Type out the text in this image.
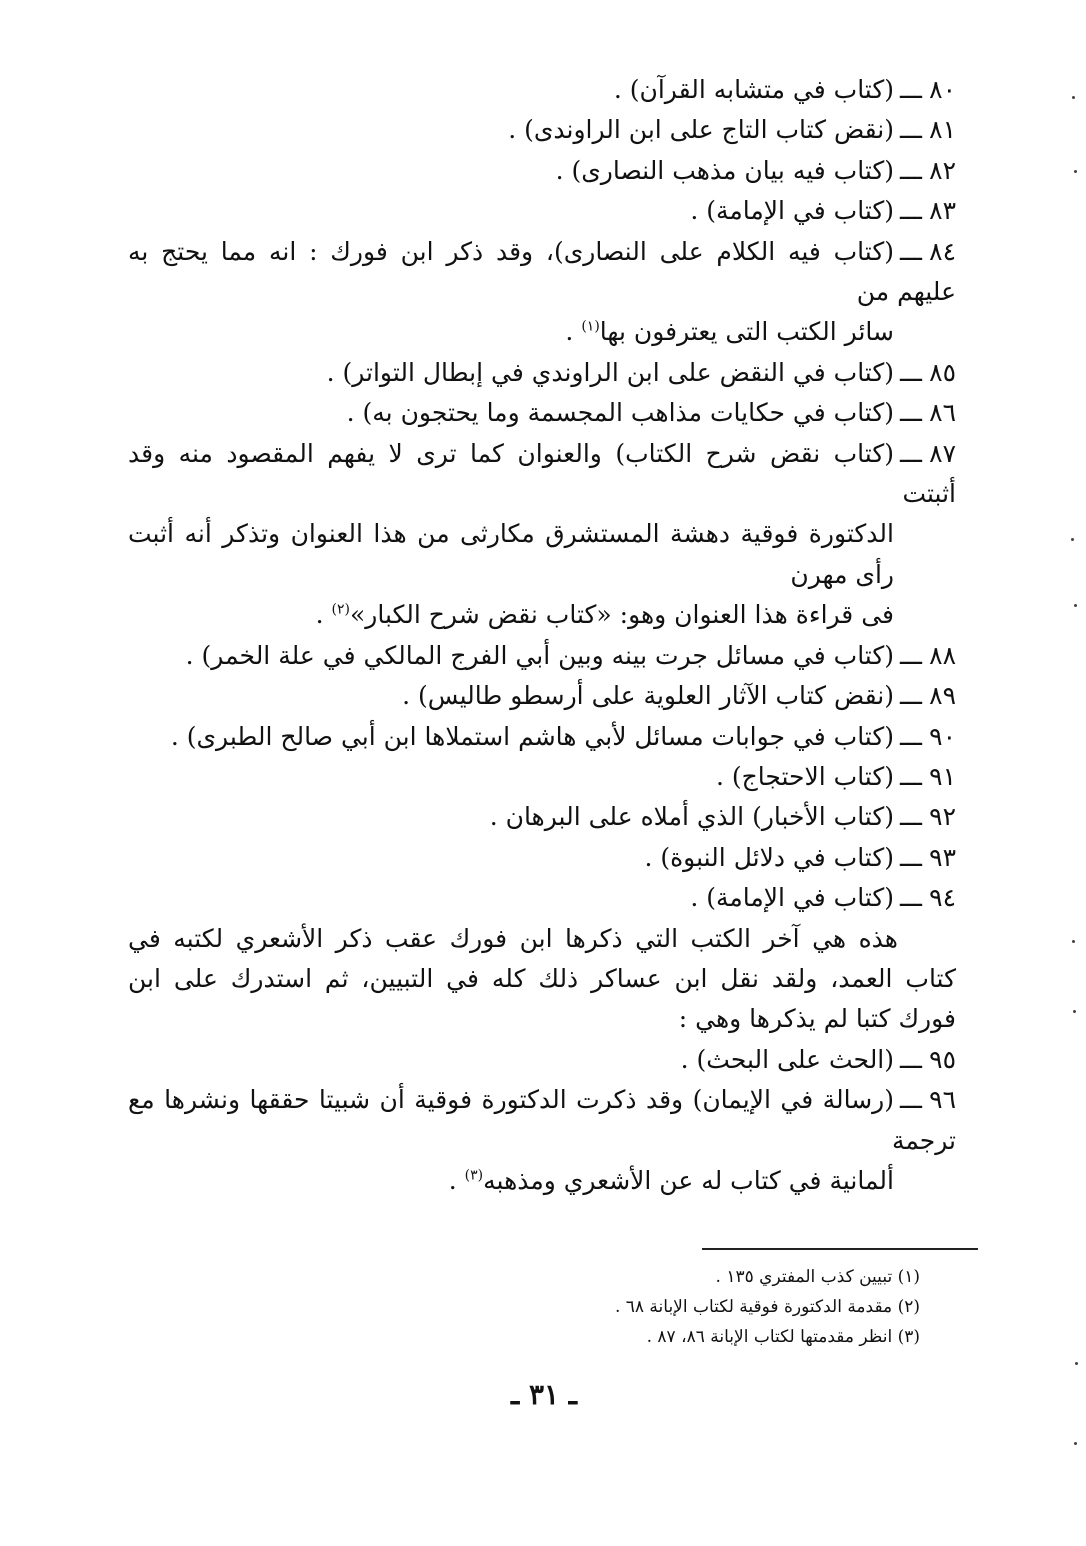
٨٠ـــ(كتاب في متشابه القرآن) .
٨١ـــ(نقض كتاب التاج على ابن الراوندى) .
٨٢ـــ(كتاب فيه بيان مذهب النصارى) .
٨٣ـــ(كتاب في الإمامة) .
٨٤ـــ(كتاب فيه الكلام على النصارى)، وقد ذكر ابن فورك : انه مما يحتج به عليهم من
سائر الكتب التى يعترفون بها$^{(١)}$ .
٨٥ـــ(كتاب في النقض على ابن الراوندي في إبطال التواتر) .
٨٦ـــ(كتاب في حكايات مذاهب المجسمة وما يحتجون به) .
٨٧ـــ(كتاب نقض شرح الكتاب) والعنوان كما ترى لا يفهم المقصود منه وقد أثبتت
الدكتورة فوقية دهشة المستشرق مكارثى من هذا العنوان وتذكر أنه أثبت رأى مهرن
فى قراءة هذا العنوان وهو: «كتاب نقض شرح الكبار»$^{(٢)}$ .
٨٨ـــ(كتاب في مسائل جرت بينه وبين أبي الفرج المالكي في علة الخمر) .
٨٩ـــ(نقض كتاب الآثار العلوية على أرسطو طاليس) .
٩٠ـــ(كتاب في جوابات مسائل لأبي هاشم استملاها ابن أبي صالح الطبرى) .
٩١ـــ(كتاب الاحتجاج) .
٩٢ـــ(كتاب الأخبار) الذي أملاه على البرهان .
٩٣ـــ(كتاب في دلائل النبوة) .
٩٤ـــ(كتاب في الإمامة) .

هذه هي آخر الكتب التي ذكرها ابن فورك عقب ذكر الأشعري لكتبه في كتاب العمد، ولقد نقل ابن عساكر ذلك كله في التبيين، ثم استدرك على ابن فورك كتبا لم يذكرها وهي :

٩٥ـــ(الحث على البحث) .
٩٦ـــ(رسالة في الإيمان) وقد ذكرت الدكتورة فوقية أن شبيتا حققها ونشرها مع ترجمة
ألمانية في كتاب له عن الأشعري ومذهبه$^{(٣)}$ .

(١) تبيين كذب المفتري ١٣٥ .

(٢) مقدمة الدكتورة فوقية لكتاب الإبانة ٦٨ .

(٣) انظر مقدمتها لكتاب الإبانة ٨٦، ٨٧ .

ـ ٣١ ـ
